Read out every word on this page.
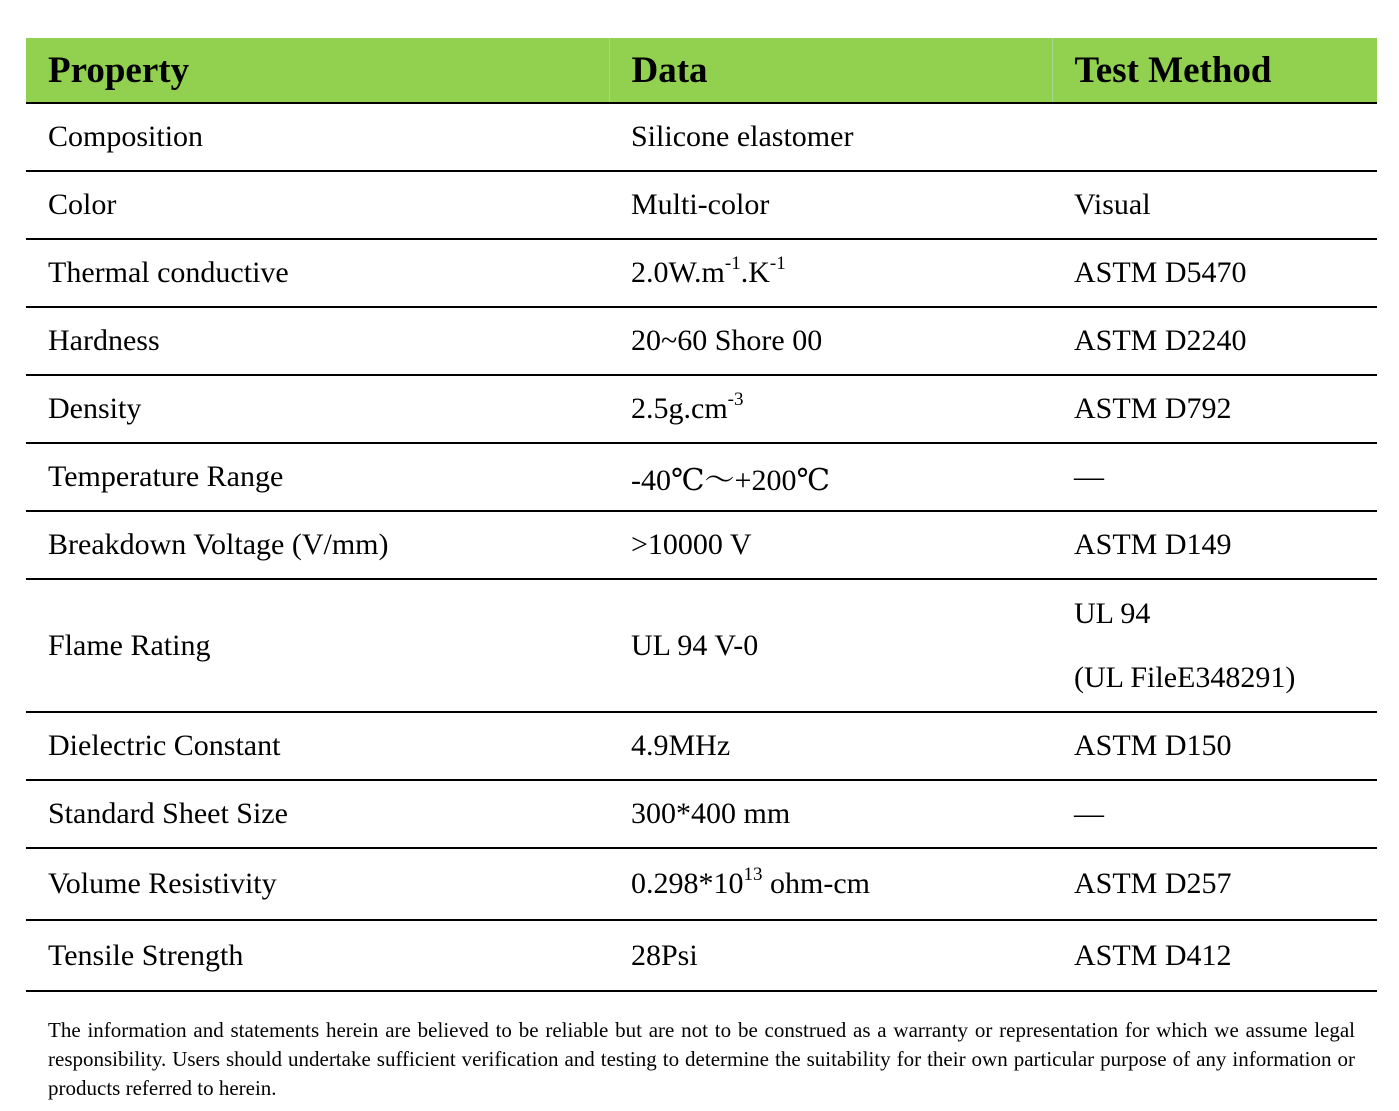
Property	Data	Test Method
Composition	Silicone elastomer	
Color	Multi-color	Visual
Thermal conductive	$2.0W.m^{-1}.K^{-1}$	ASTM D5470
Hardness	20~60 Shore 00	ASTM D2240
Density	$2.5g.cm^{-3}$	ASTM D792
Temperature Range	-40℃～+200℃	—
Breakdown Voltage (V/mm)	>10000 V	ASTM D149
Flame Rating	UL 94 V-0	UL 94
(UL FileE348291)

Dielectric Constant	4.9MHz	ASTM D150
Standard Sheet Size	300*400 mm	—
Volume Resistivity	$0.298*10^{13}$ ohm-cm	ASTM D257
Tensile Strength	28Psi	ASTM D412

The information and statements herein are believed to be reliable but are not to be construed as a warranty or representation for which we assume legal responsibility. Users should undertake sufficient verification and testing to determine the suitability for their own particular purpose of any information or products referred to herein.
